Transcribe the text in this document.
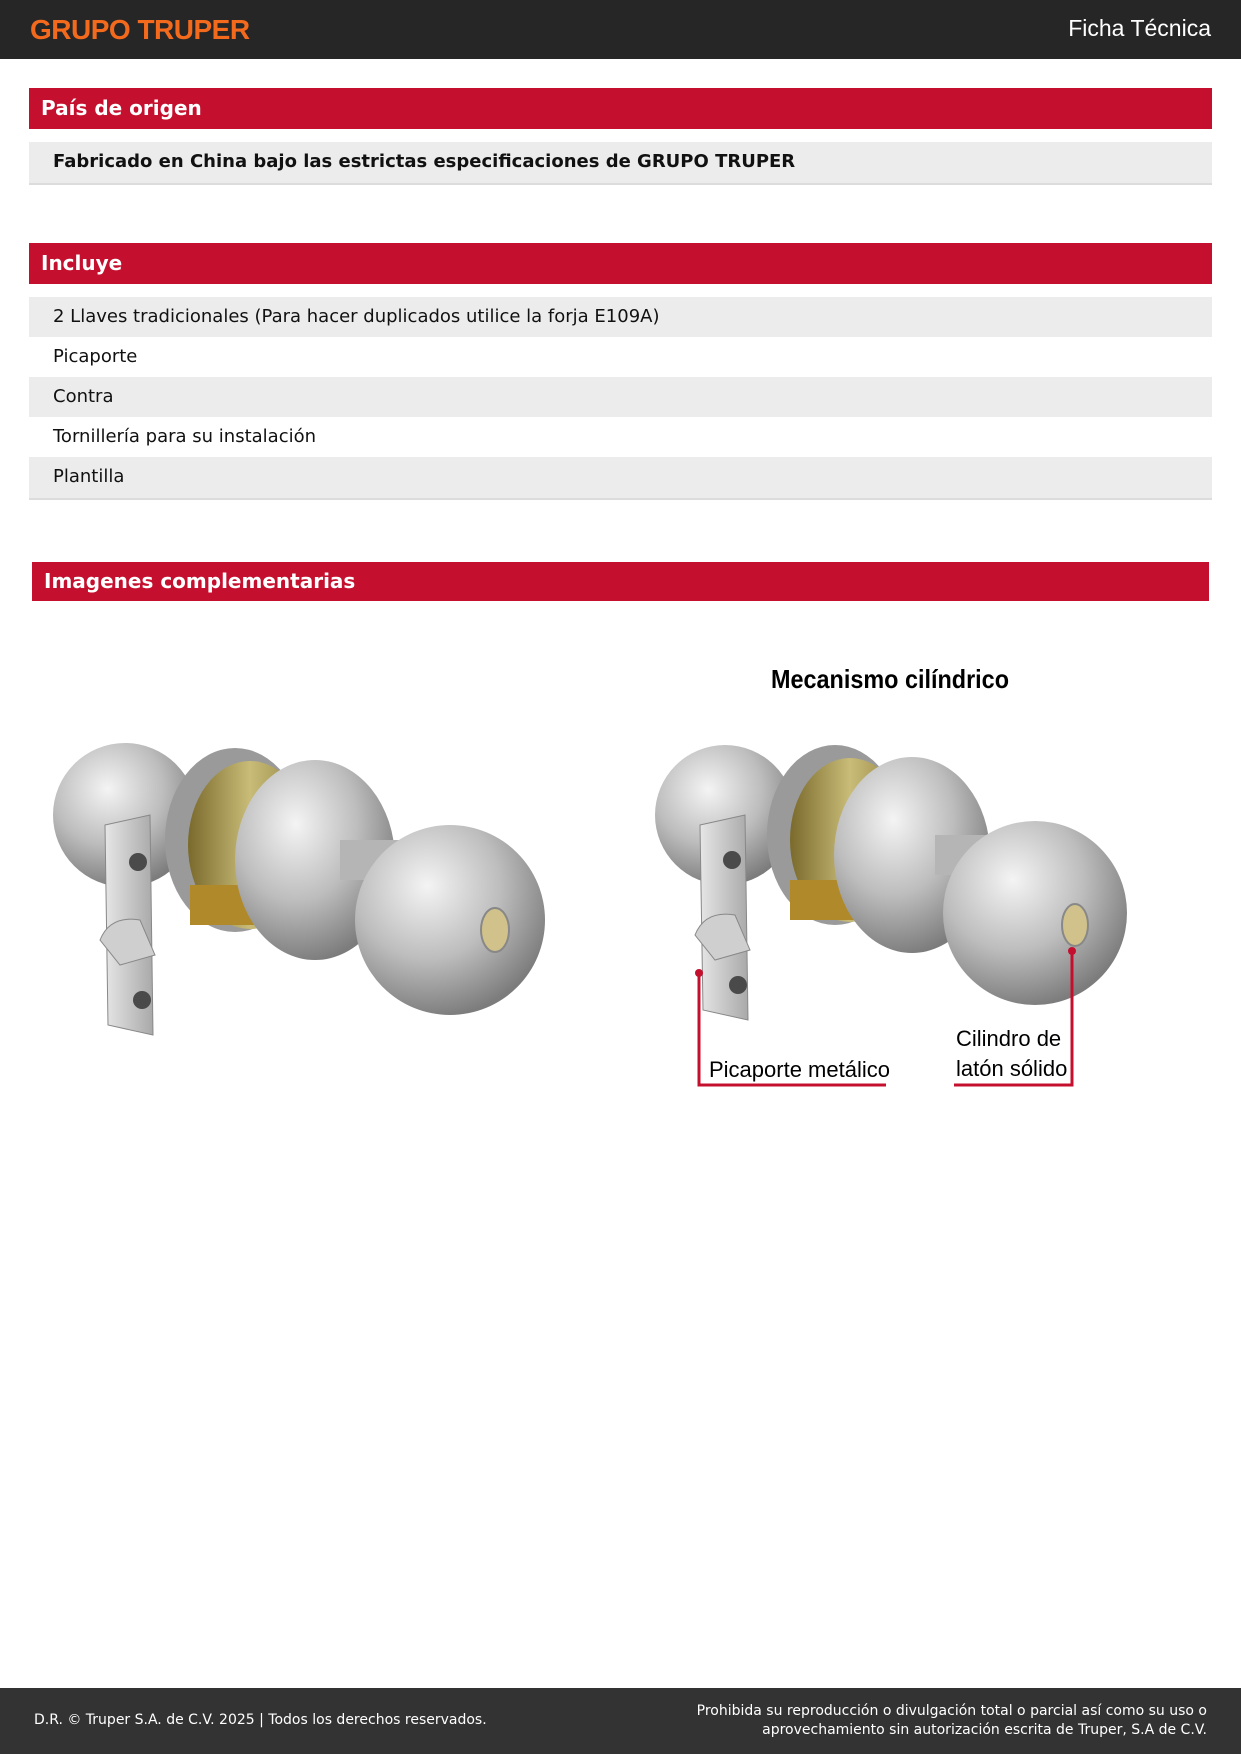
GRUPO TRUPER	Ficha Técnica
País de origen
Fabricado en China bajo las estrictas especificaciones de GRUPO TRUPER
Incluye
2 Llaves tradicionales (Para hacer duplicados utilice la forja E109A)
Picaporte
Contra
Tornillería para su instalación
Plantilla
Imagenes complementarias
Mecanismo cilíndrico
Picaporte metálico
Cilindro de
latón sólido
D.R. © Truper S.A. de C.V. 2025 | Todos los derechos reservados.
Prohibida su reproducción o divulgación total o parcial así como su uso o
aprovechamiento sin autorización escrita de Truper, S.A de C.V.
